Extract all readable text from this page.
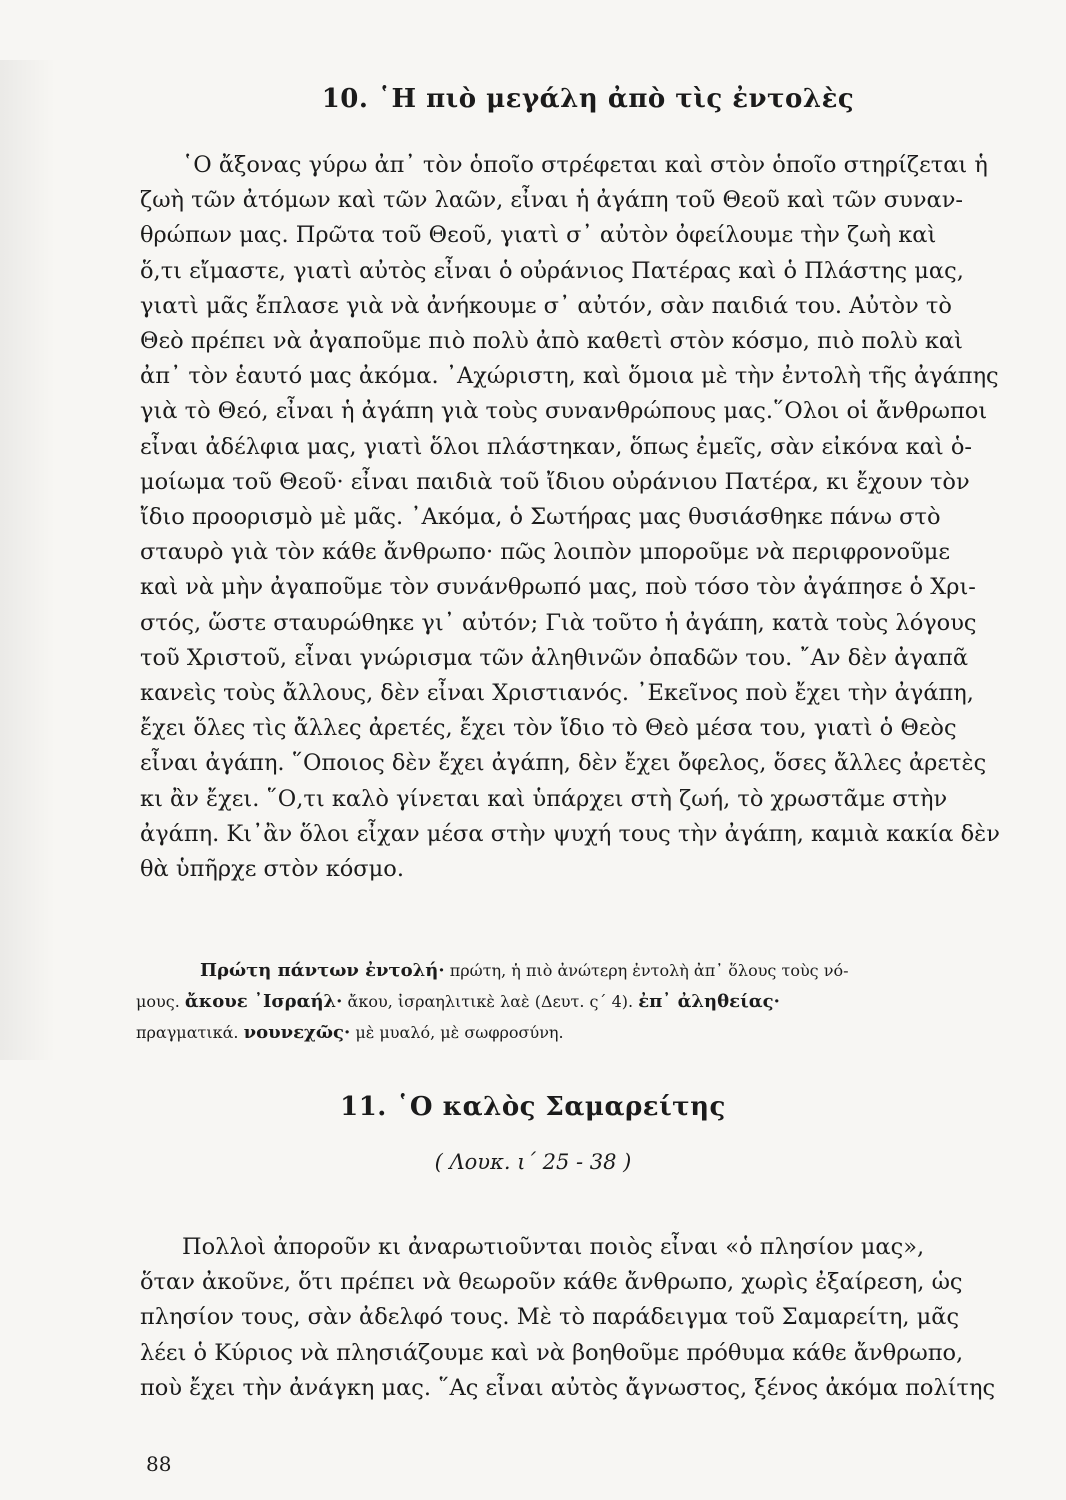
10. ῾Η πιὸ μεγάλη ἀπὸ τὶς ἐντολὲς
῾Ο ἄξονας γύρω ἀπ᾽ τὸν ὁποῖο στρέφεται καὶ στὸν ὁποῖο στηρίζεται ἡ
ζωὴ τῶν ἀτόμων καὶ τῶν λαῶν, εἶναι ἡ ἀγάπη τοῦ Θεοῦ καὶ τῶν συναν-
θρώπων μας. Πρῶτα τοῦ Θεοῦ, γιατὶ σ᾽ αὐτὸν ὀφείλουμε τὴν ζωὴ καὶ
ὅ,τι εἴμαστε, γιατὶ αὐτὸς εἶναι ὁ οὐράνιος Πατέρας καὶ ὁ Πλάστης μας,
γιατὶ μᾶς ἔπλασε γιὰ νὰ ἀνήκουμε σ᾽ αὐτόν, σὰν παιδιά του. Αὐτὸν τὸ
Θεὸ πρέπει νὰ ἀγαποῦμε πιὸ πολὺ ἀπὸ καθετὶ στὸν κόσμο, πιὸ πολὺ καὶ
ἀπ᾽ τὸν ἑαυτό μας ἀκόμα. ᾽Αχώριστη, καὶ ὅμοια μὲ τὴν ἐντολὴ τῆς ἀγάπης
γιὰ τὸ Θεό, εἶναι ἡ ἀγάπη γιὰ τοὺς συνανθρώπους μας.῞Ολοι οἱ ἄνθρωποι
εἶναι ἀδέλφια μας, γιατὶ ὅλοι πλάστηκαν, ὅπως ἐμεῖς, σὰν εἰκόνα καὶ ὁ-
μοίωμα τοῦ Θεοῦ· εἶναι παιδιὰ τοῦ ἴδιου οὐράνιου Πατέρα, κι ἔχουν τὸν
ἴδιο προορισμὸ μὲ μᾶς. ᾽Ακόμα, ὁ Σωτήρας μας θυσιάσθηκε πάνω στὸ
σταυρὸ γιὰ τὸν κάθε ἄνθρωπο· πῶς λοιπὸν μποροῦμε νὰ περιφρονοῦμε
καὶ νὰ μὴν ἀγαποῦμε τὸν συνάνθρωπό μας, ποὺ τόσο τὸν ἀγάπησε ὁ Χρι-
στός, ὥστε σταυρώθηκε γι᾽ αὐτόν; Γιὰ τοῦτο ἡ ἀγάπη, κατὰ τοὺς λόγους
τοῦ Χριστοῦ, εἶναι γνώρισμα τῶν ἀληθινῶν ὀπαδῶν του. ῎Αν δὲν ἀγαπᾶ
κανεὶς τοὺς ἄλλους, δὲν εἶναι Χριστιανός. ᾽Εκεῖνος ποὺ ἔχει τὴν ἀγάπη,
ἔχει ὅλες τὶς ἄλλες ἀρετές, ἔχει τὸν ἴδιο τὸ Θεὸ μέσα του, γιατὶ ὁ Θεὸς
εἶναι ἀγάπη. ῞Οποιος δὲν ἔχει ἀγάπη, δὲν ἔχει ὄφελος, ὅσες ἄλλες ἀρετὲς
κι ἂν ἔχει. ῞Ο,τι καλὸ γίνεται καὶ ὑπάρχει στὴ ζωή, τὸ χρωστᾶμε στὴν
ἀγάπη. Κι᾽ἂν ὅλοι εἶχαν μέσα στὴν ψυχή τους τὴν ἀγάπη, καμιὰ κακία δὲν
θὰ ὑπῆρχε στὸν κόσμο.
Πρώτη πάντων ἐντολή· πρώτη, ἡ πιὸ ἀνώτερη ἐντολὴ ἀπ᾽ ὅλους τοὺς νό-
μους. ἄκουε ᾽Ισραήλ· ἄκου, ἰσραηλιτικὲ λαὲ (Δευτ. ς΄ 4). ἐπ᾽ ἀληθείας·
πραγματικά. νουνεχῶς· μὲ μυαλό, μὲ σωφροσύνη.
11. ῾Ο καλὸς Σαμαρείτης
( Λουκ. ι΄ 25 - 38 )
Πολλοὶ ἀποροῦν κι ἀναρωτιοῦνται ποιὸς εἶναι «ὁ πλησίον μας»,
ὅταν ἀκοῦνε, ὅτι πρέπει νὰ θεωροῦν κάθε ἄνθρωπο, χωρὶς ἐξαίρεση, ὡς
πλησίον τους, σὰν ἀδελφό τους. Μὲ τὸ παράδειγμα τοῦ Σαμαρείτη, μᾶς
λέει ὁ Κύριος νὰ πλησιάζουμε καὶ νὰ βοηθοῦμε πρόθυμα κάθε ἄνθρωπο,
ποὺ ἔχει τὴν ἀνάγκη μας. ῞Ας εἶναι αὐτὸς ἄγνωστος, ξένος ἀκόμα πολίτης
88
